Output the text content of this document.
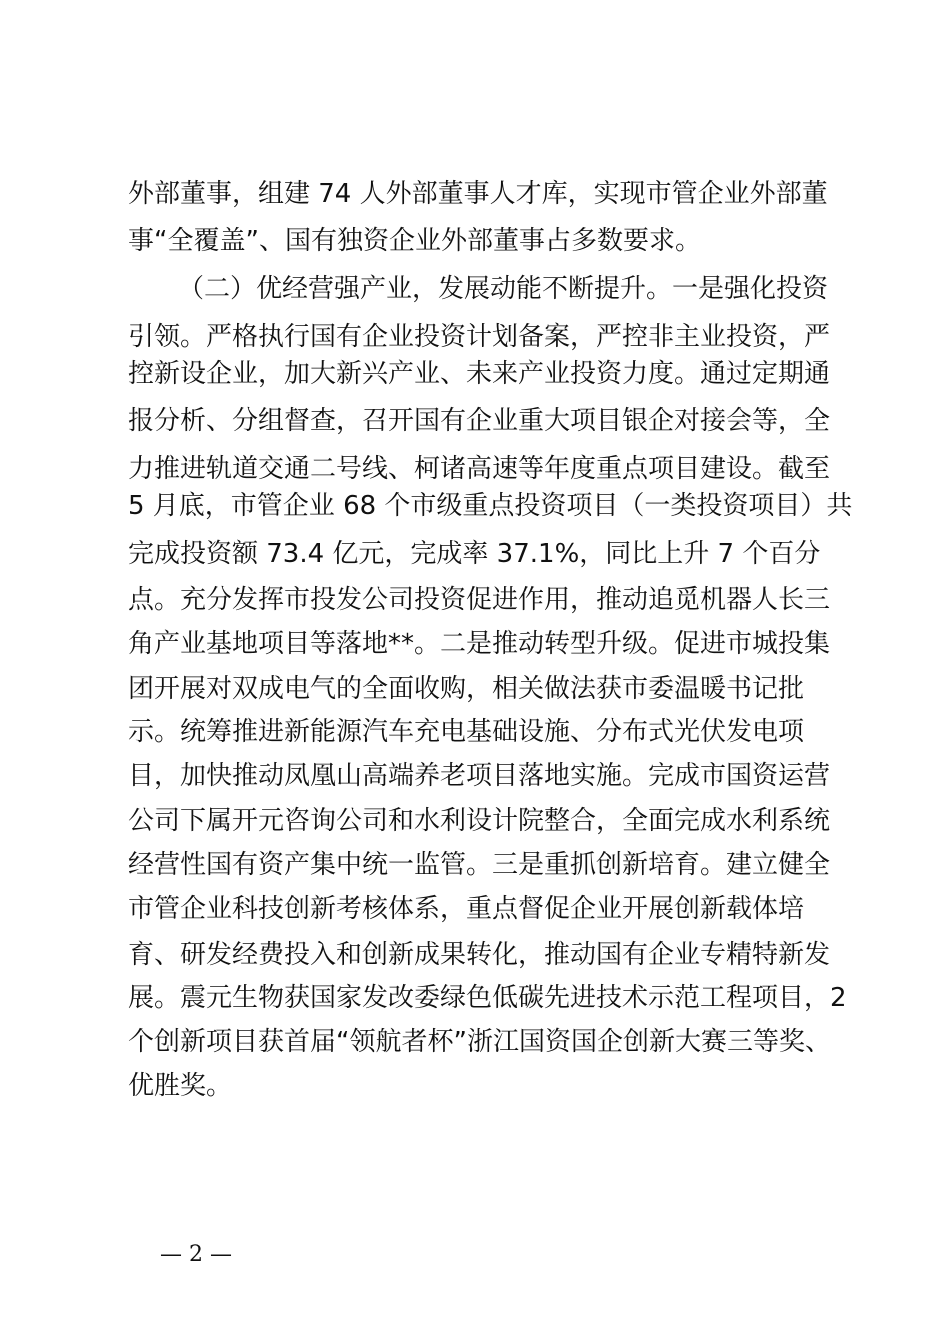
外部董事，组建 74 人外部董事人才库，实现市管企业外部董
事“全覆盖”、国有独资企业外部董事占多数要求。
（二）优经营强产业，发展动能不断提升。一是强化投资
引领。严格执行国有企业投资计划备案，严控非主业投资，严
控新设企业，加大新兴产业、未来产业投资力度。通过定期通
报分析、分组督查，召开国有企业重大项目银企对接会等，全
力推进轨道交通二号线、柯诸高速等年度重点项目建设。截至
5 月底，市管企业 68 个市级重点投资项目（一类投资项目）共
完成投资额 73.4 亿元，完成率 37.1%，同比上升 7 个百分
点。充分发挥市投发公司投资促进作用，推动追觅机器人长三
角产业基地项目等落地**。二是推动转型升级。促进市城投集
团开展对双成电气的全面收购，相关做法获市委温暖书记批
示。统筹推进新能源汽车充电基础设施、分布式光伏发电项
目，加快推动凤凰山高端养老项目落地实施。完成市国资运营
公司下属开元咨询公司和水利设计院整合，全面完成水利系统
经营性国有资产集中统一监管。三是重抓创新培育。建立健全
市管企业科技创新考核体系，重点督促企业开展创新载体培
育、研发经费投入和创新成果转化，推动国有企业专精特新发
展。震元生物获国家发改委绿色低碳先进技术示范工程项目，2
个创新项目获首届“领航者杯”浙江国资国企创新大赛三等奖、
优胜奖。
— 2 —
